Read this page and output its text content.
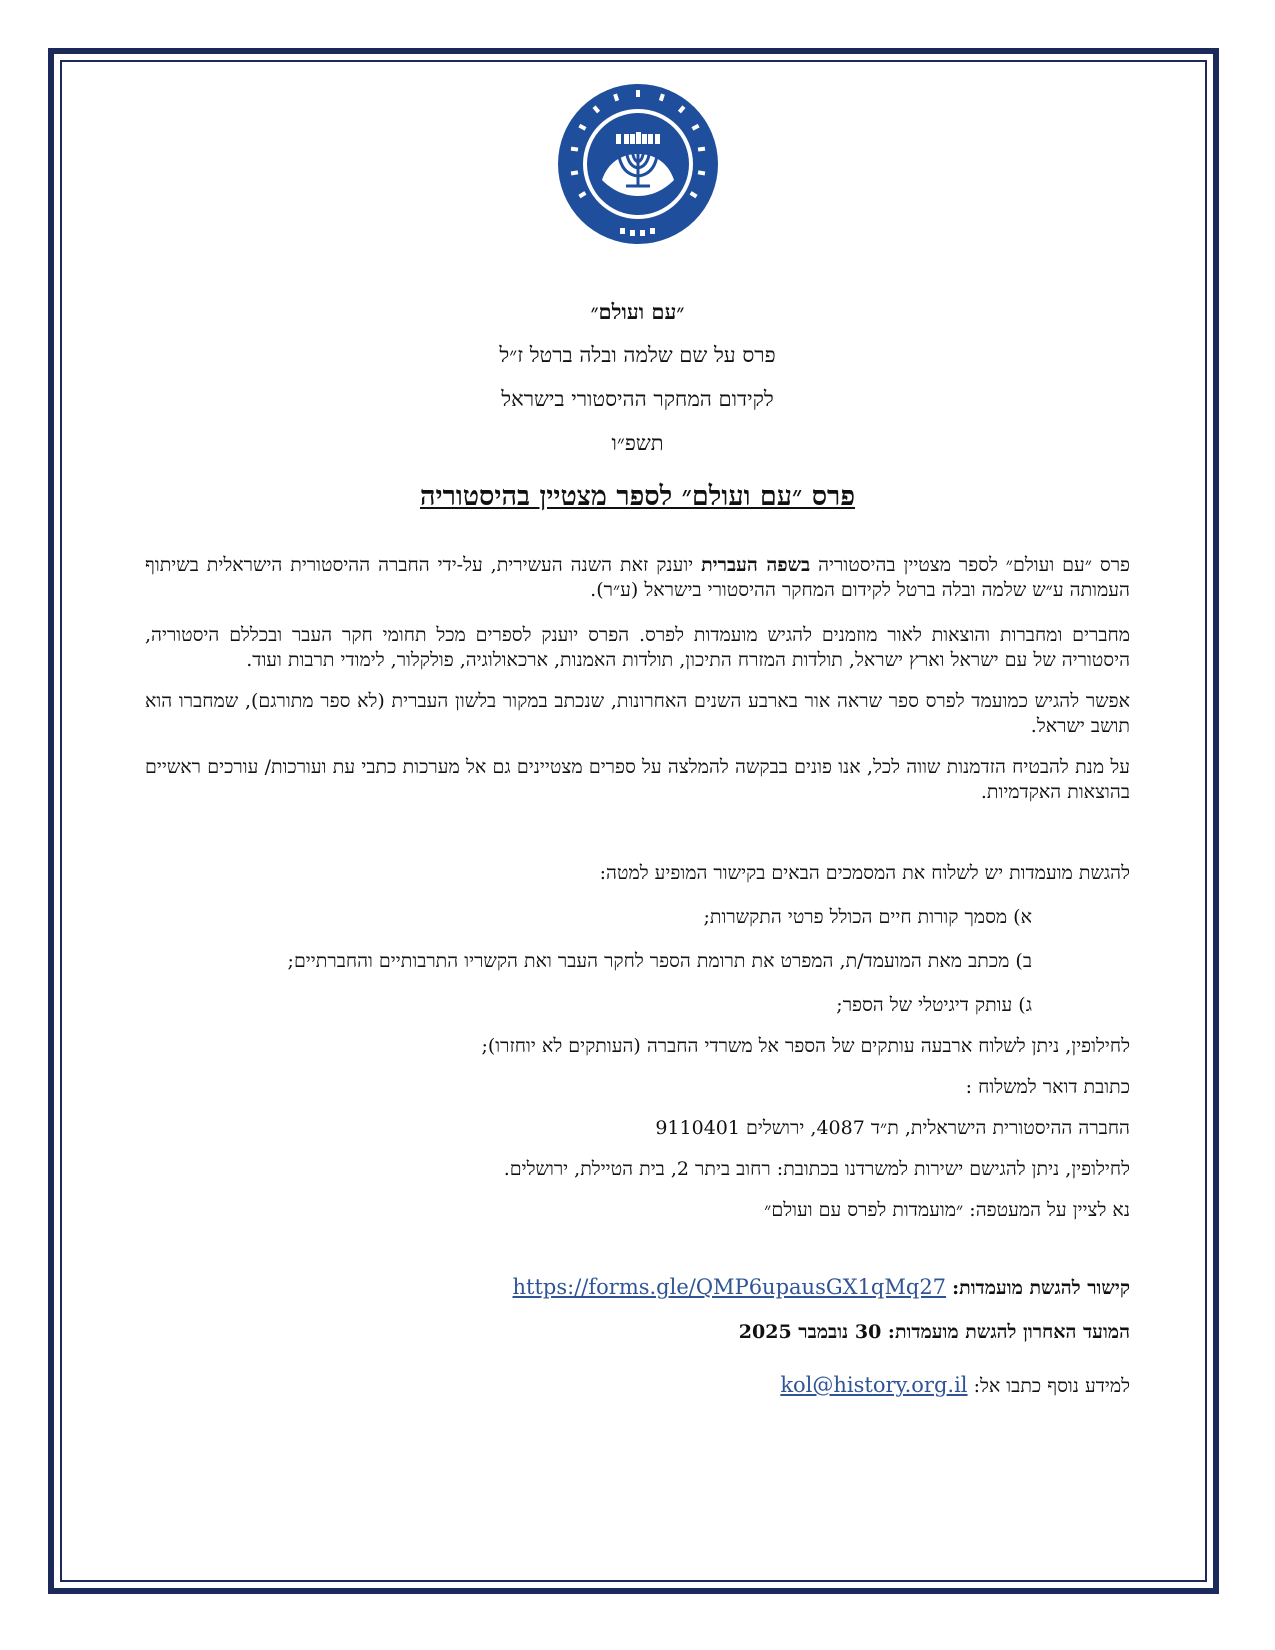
״עם ועולם״

פרס על שם שלמה ובלה ברטל ז״ל

לקידום המחקר ההיסטורי בישראל

תשפ״ו

פרס ״עם ועולם״ לספר מצטיין בהיסטוריה

פרס ״עם ועולם״ לספר מצטיין בהיסטוריה בשפה העברית יוענק זאת השנה העשירית, על-ידי החברה ההיסטורית הישראלית בשיתוף העמותה ע״ש שלמה ובלה ברטל לקידום המחקר ההיסטורי בישראל (ע״ר).

מחברים ומחברות והוצאות לאור מוזמנים להגיש מועמדות לפרס. הפרס יוענק לספרים מכל תחומי חקר העבר ובכללם היסטוריה, היסטוריה של עם ישראל וארץ ישראל, תולדות המזרח התיכון, תולדות האמנות, ארכאולוגיה, פולקלור, לימודי תרבות ועוד.

אפשר להגיש כמועמד לפרס ספר שראה אור בארבע השנים האחרונות, שנכתב במקור בלשון העברית (לא ספר מתורגם), שמחברו הוא תושב ישראל.

על מנת להבטיח הזדמנות שווה לכל, אנו פונים בבקשה להמלצה על ספרים מצטיינים גם אל מערכות כתבי עת ועורכות/ עורכים ראשיים בהוצאות האקדמיות.

להגשת מועמדות יש לשלוח את המסמכים הבאים בקישור המופיע למטה:

א) מסמך קורות חיים הכולל פרטי התקשרות;

ב) מכתב מאת המועמד/ת, המפרט את תרומת הספר לחקר העבר ואת הקשריו התרבותיים והחברתיים;

ג) עותק דיגיטלי של הספר;

לחילופין, ניתן לשלוח ארבעה עותקים של הספר אל משרדי החברה (העותקים לא יוחזרו);

כתובת דואר למשלוח :

החברה ההיסטורית הישראלית, ת״ד 4087, ירושלים 9110401

לחילופין, ניתן להגישם ישירות למשרדנו בכתובת: רחוב ביתר 2, בית הטיילת, ירושלים.

נא לציין על המעטפה: ״מועמדות לפרס עם ועולם״

קישור להגשת מועמדות: https://forms.gle/QMP6upausGX1qMq27

המועד האחרון להגשת מועמדות: 30 נובמבר 2025

למידע נוסף כתבו אל: kol@history.org.il
